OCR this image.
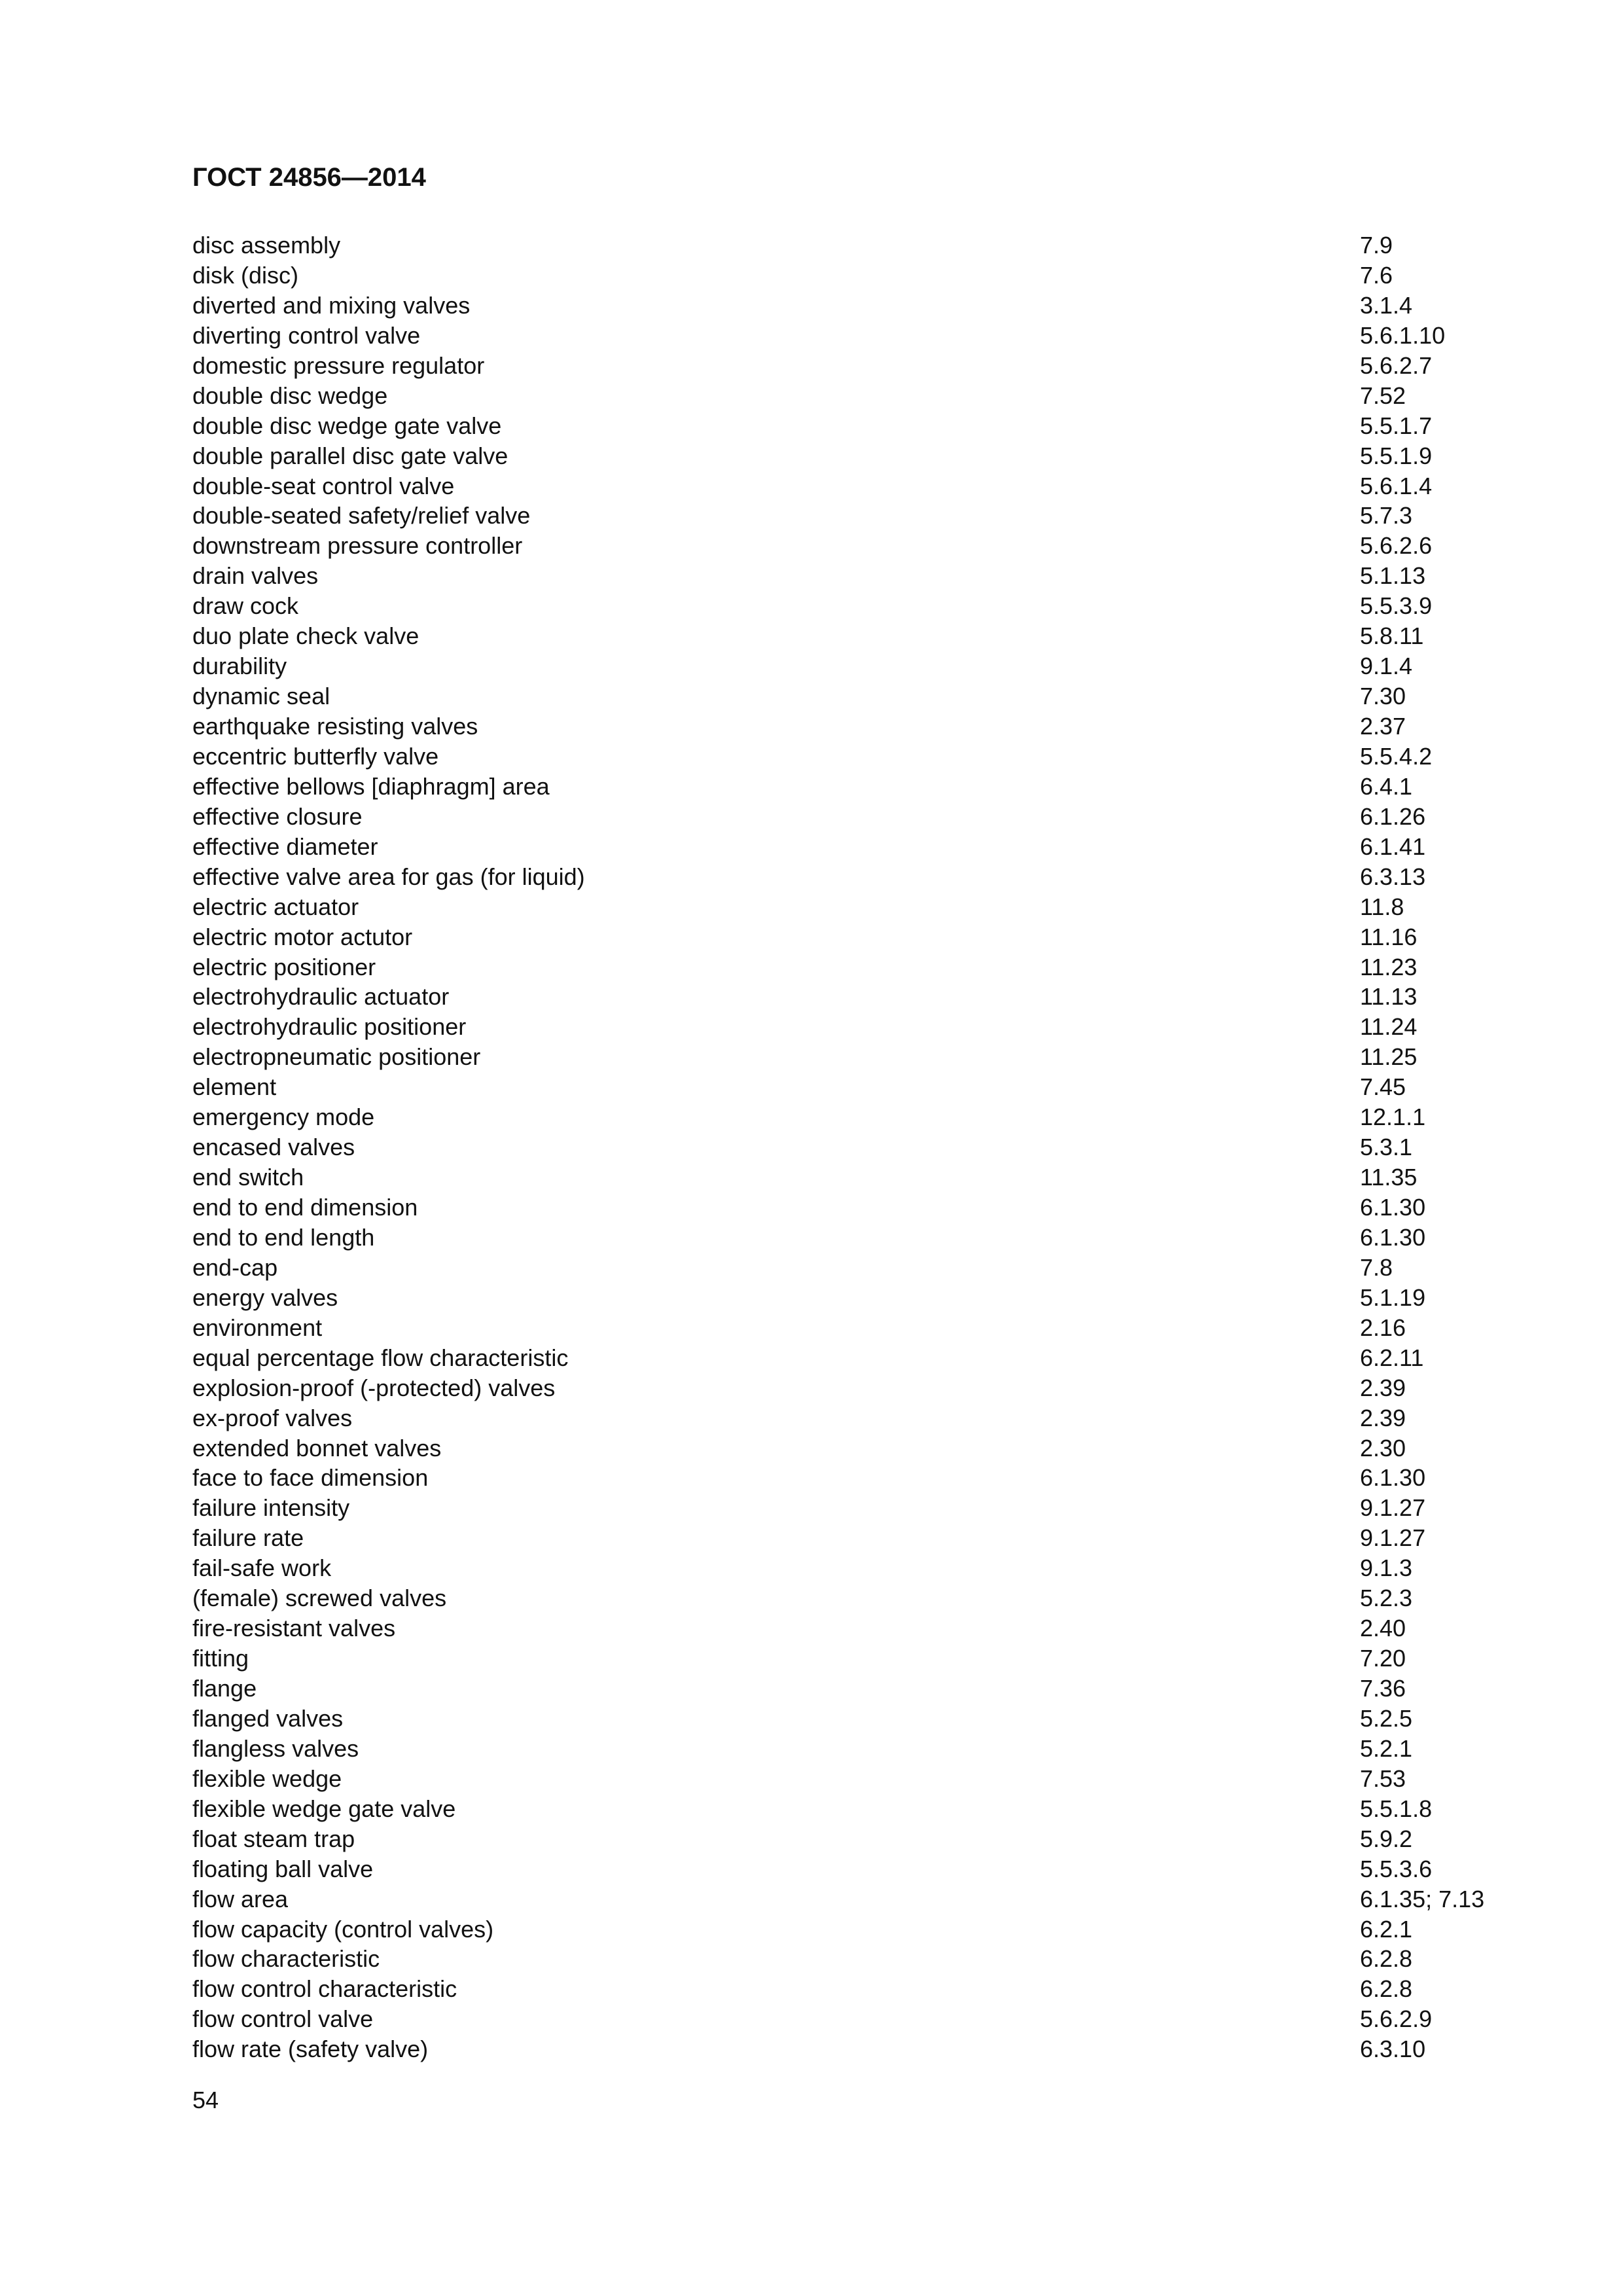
ГОСТ 24856—2014
disc assembly	7.9
disk (disc)	7.6
diverted and mixing valves	3.1.4
diverting control valve	5.6.1.10
domestic pressure regulator	5.6.2.7
double disc wedge	7.52
double disc wedge gate valve	5.5.1.7
double parallel disc gate valve	5.5.1.9
double-seat control valve	5.6.1.4
double-seated safety/relief valve	5.7.3
downstream pressure controller	5.6.2.6
drain valves	5.1.13
draw cock	5.5.3.9
duo plate check valve	5.8.11
durability	9.1.4
dynamic seal	7.30
earthquake resisting valves	2.37
eccentric butterfly valve	5.5.4.2
effective bellows [diaphragm] area	6.4.1
effective closure	6.1.26
effective diameter	6.1.41
effective valve area for gas (for liquid)	6.3.13
electric actuator	11.8
electric motor actutor	11.16
electric positioner	11.23
electrohydraulic actuator	11.13
electrohydraulic positioner	11.24
electropneumatic positioner	11.25
element	7.45
emergency mode	12.1.1
encased valves	5.3.1
end switch	11.35
end to end dimension	6.1.30
end to end length	6.1.30
end-cap	7.8
energy valves	5.1.19
environment	2.16
equal percentage flow characteristic	6.2.11
explosion-proof (-protected) valves	2.39
ex-proof valves	2.39
extended bonnet valves	2.30
face to face dimension	6.1.30
failure intensity	9.1.27
failure rate	9.1.27
fail-safe work	9.1.3
(female) screwed valves	5.2.3
fire-resistant valves	2.40
fitting	7.20
flange	7.36
flanged valves	5.2.5
flangless valves	5.2.1
flexible wedge	7.53
flexible wedge gate valve	5.5.1.8
float steam trap	5.9.2
floating ball valve	5.5.3.6
flow area	6.1.35; 7.13
flow capacity (control valves)	6.2.1
flow characteristic	6.2.8
flow control characteristic	6.2.8
flow control valve	5.6.2.9
flow rate (safety valve)	6.3.10
54
